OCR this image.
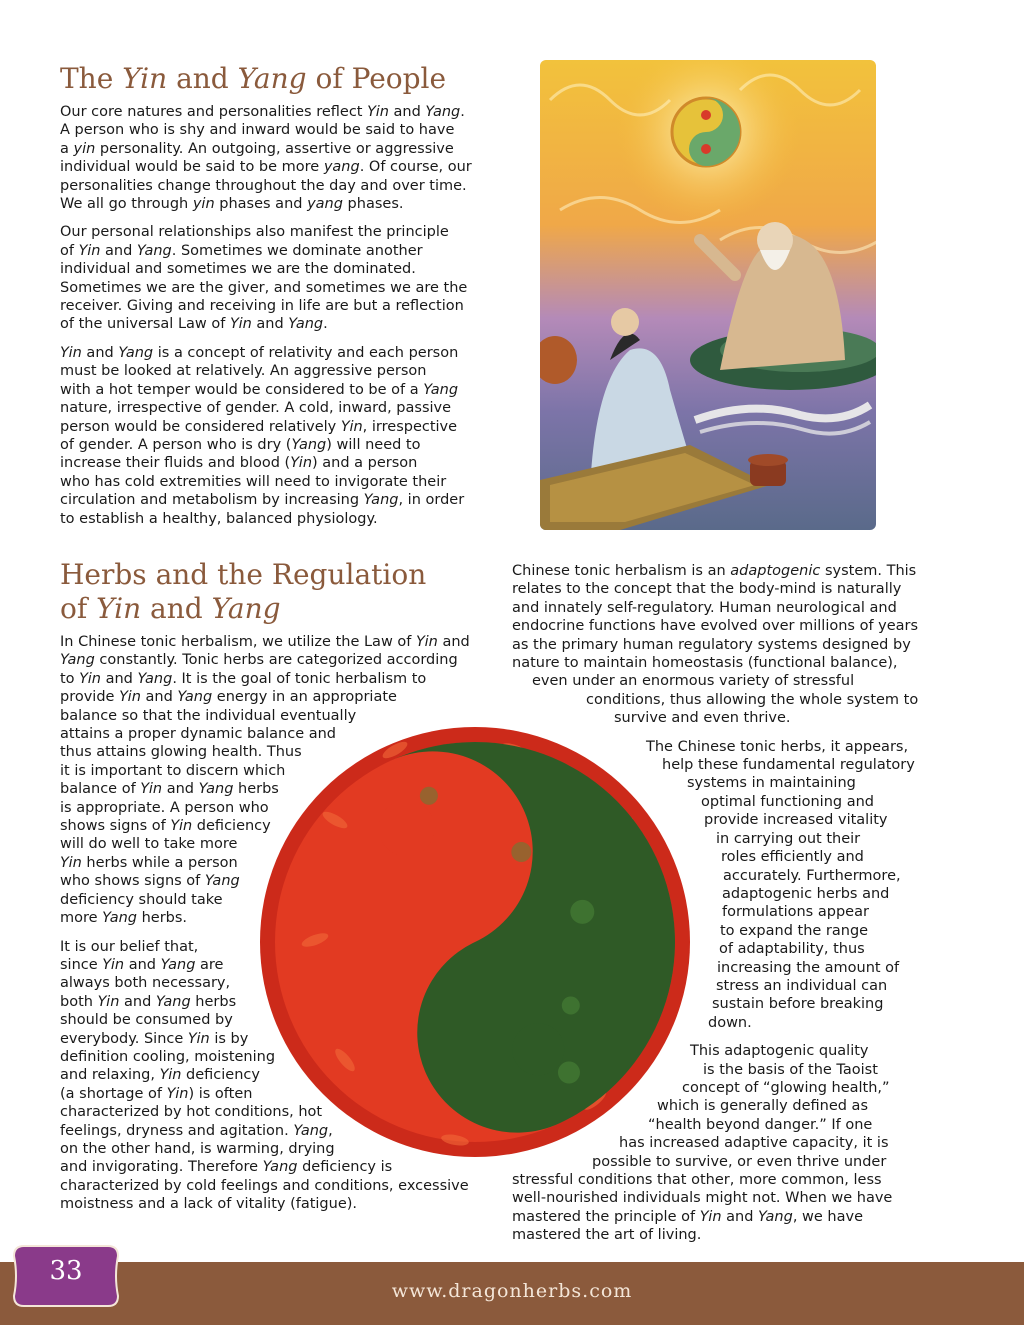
The Yin and Yang of People

Our core natures and personalities reflect Yin and Yang.
A person who is shy and inward would be said to have
a yin personality. An outgoing, assertive or aggressive
individual would be said to be more yang. Of course, our
personalities change throughout the day and over time.
We all go through yin phases and yang phases.

Our personal relationships also manifest the principle
of Yin and Yang. Sometimes we dominate another
individual and sometimes we are the dominated.
Sometimes we are the giver, and sometimes we are the
receiver. Giving and receiving in life are but a reflection
of the universal Law of Yin and Yang.

Yin and Yang is a concept of relativity and each person
must be looked at relatively. An aggressive person
with a hot temper would be considered to be of a Yang
nature, irrespective of gender. A cold, inward, passive
person would be considered relatively Yin, irrespective
of gender. A person who is dry (Yang) will need to
increase their fluids and blood (Yin) and a person
who has cold extremities will need to invigorate their
circulation and metabolism by increasing Yang, in order
to establish a healthy, balanced physiology.

Herbs and the Regulation
of Yin and Yang

In Chinese tonic herbalism, we utilize the Law of Yin and
Yang constantly. Tonic herbs are categorized according
to Yin and Yang. It is the goal of tonic herbalism to
provide Yin and Yang energy in an appropriate
balance so that the individual eventually
attains a proper dynamic balance and
thus attains glowing health. Thus
it is important to discern which
balance of Yin and Yang herbs
is appropriate. A person who
shows signs of Yin deficiency
will do well to take more
Yin herbs while a person
who shows signs of Yang
deficiency should take
more Yang herbs.

It is our belief that,
since Yin and Yang are
always both necessary,
both Yin and Yang herbs
should be consumed by
everybody. Since Yin is by
definition cooling, moistening
and relaxing, Yin deficiency
(a shortage of Yin) is often
characterized by hot conditions, hot
feelings, dryness and agitation. Yang,
on the other hand, is warming, drying
and invigorating. Therefore Yang deficiency is
characterized by cold feelings and conditions, excessive
moistness and a lack of vitality (fatigue).

Chinese tonic herbalism is an adaptogenic system. This
relates to the concept that the body-mind is naturally
and innately self-regulatory. Human neurological and
endocrine functions have evolved over millions of years
as the primary human regulatory systems designed by
nature to maintain homeostasis (functional balance),
even under an enormous variety of stressful
conditions, thus allowing the whole system to
survive and even thrive.

The Chinese tonic herbs, it appears,
help these fundamental regulatory
systems in maintaining
optimal functioning and
provide increased vitality
in carrying out their
roles efficiently and
accurately. Furthermore,
adaptogenic herbs and
formulations appear
to expand the range
of adaptability, thus
increasing the amount of
stress an individual can
sustain before breaking
down.

This adaptogenic quality
is the basis of the Taoist
concept of “glowing health,”
which is generally defined as
“health beyond danger.” If one
has increased adaptive capacity, it is
possible to survive, or even thrive under
stressful conditions that other, more common, less
well-nourished individuals might not. When we have
mastered the principle of Yin and Yang, we have
mastered the art of living.

www.dragonherbs.com
33
